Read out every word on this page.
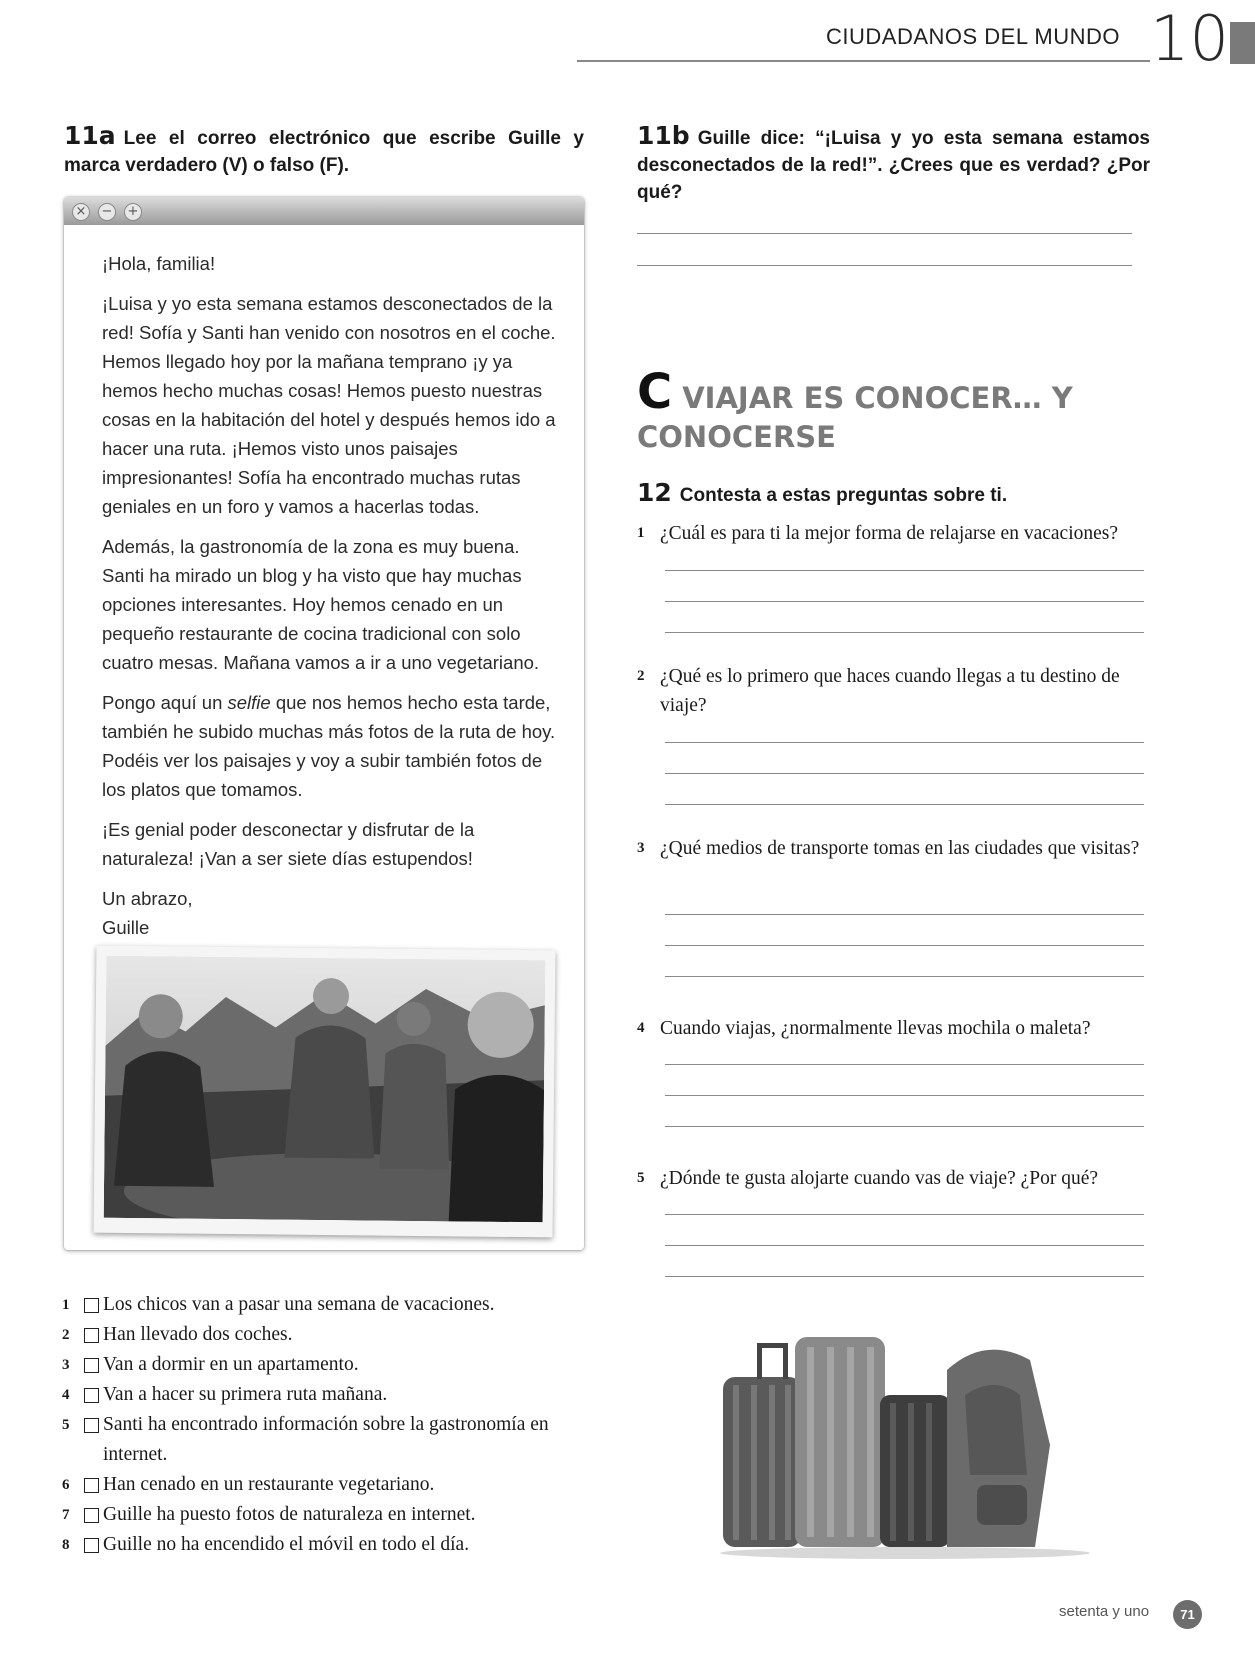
CIUDADANOS DEL MUNDO 10
11a Lee el correo electrónico que escribe Guille y marca verdadero (V) o falso (F).
× − +

¡Hola, familia!

¡Luisa y yo esta semana estamos desconectados de la red! Sofía y Santi han venido con nosotros en el coche. Hemos llegado hoy por la mañana temprano ¡y ya hemos hecho muchas cosas! Hemos puesto nuestras cosas en la habitación del hotel y después hemos ido a hacer una ruta. ¡Hemos visto unos paisajes impresionantes! Sofía ha encontrado muchas rutas geniales en un foro y vamos a hacerlas todas.

Además, la gastronomía de la zona es muy buena. Santi ha mirado un blog y ha visto que hay muchas opciones interesantes. Hoy hemos cenado en un pequeño restaurante de cocina tradicional con solo cuatro mesas. Mañana vamos a ir a uno vegetariano.

Pongo aquí un selfie que nos hemos hecho esta tarde, también he subido muchas más fotos de la ruta de hoy. Podéis ver los paisajes y voy a subir también fotos de los platos que tomamos.

¡Es genial poder desconectar y disfrutar de la naturaleza! ¡Van a ser siete días estupendos!

Un abrazo,
Guille
1 Los chicos van a pasar una semana de vacaciones.
2 Han llevado dos coches.
3 Van a dormir en un apartamento.
4 Van a hacer su primera ruta mañana.
5 Santi ha encontrado información sobre la gastronomía en internet.
6 Han cenado en un restaurante vegetariano.
7 Guille ha puesto fotos de naturaleza en internet.
8 Guille no ha encendido el móvil en todo el día.
11b Guille dice: “¡Luisa y yo esta semana estamos desconectados de la red!”. ¿Crees que es verdad? ¿Por qué?
CVIAJAR ES CONOCER… Y CONOCERSE
12 Contesta a estas preguntas sobre ti.
1 ¿Cuál es para ti la mejor forma de relajarse en vacaciones?
2 ¿Qué es lo primero que haces cuando llegas a tu destino de viaje?
3 ¿Qué medios de transporte tomas en las ciudades que visitas?
4 Cuando viajas, ¿normalmente llevas mochila o maleta?
5 ¿Dónde te gusta alojarte cuando vas de viaje? ¿Por qué?
setenta y uno	71
